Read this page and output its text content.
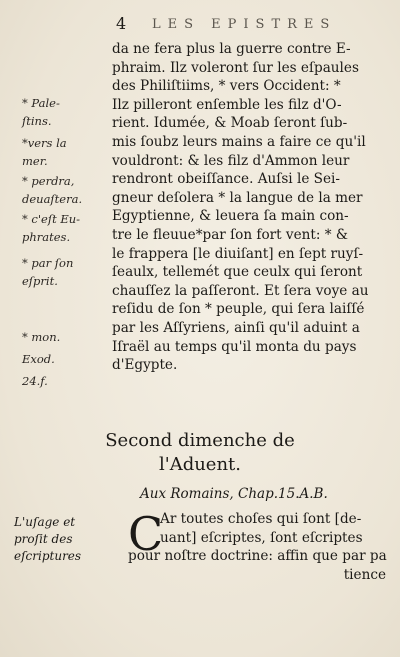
4 LES EPISTRES
da ne fera plus la guerre contre E-
phraim. Ilz voleront ſur les eſpaules
des Philiſtiims, * vers Occident: *
Ilz pilleront enſemble les filz d'O-
rient. Idumée, & Moab ſeront ſub-
mis ſoubz leurs mains a faire ce qu'il
vouldront: & les filz d'Ammon leur
rendront obeiſſance. Auſsi le Sei-
gneur deſolera * la langue de la mer
Egyptienne, & leuera ſa main con-
tre le fleuue*par ſon fort vent: * &
le frappera [le diuiſant] en ſept ruyſ-
ſeaulx, tellemét que ceulx qui ſeront
chauſſez la paſſeront. Et ſera voye au
reſidu de ſon * peuple, qui ſera laiſſé
par les Aſſyriens, ainſi qu'il aduint a
Iſraël au temps qu'il monta du pays
d'Egypte.
* Pale-
ſtins.
*vers la
mer.
* perdra,
deuaſtera.
* c'eſt Eu-
phrates.
* par ſon
eſprit.
* mon.
Exod.
24.f.
Second dimenche de
l'Aduent.
Aux Romains, Chap.15.A.B.
L'uſage et
proſit des
eſcriptures	C
Ar toutes choſes qui ſont [de-
uant] eſcriptes, ſont eſcriptes
pour noſtre doctrine: affin que par pa
tience
